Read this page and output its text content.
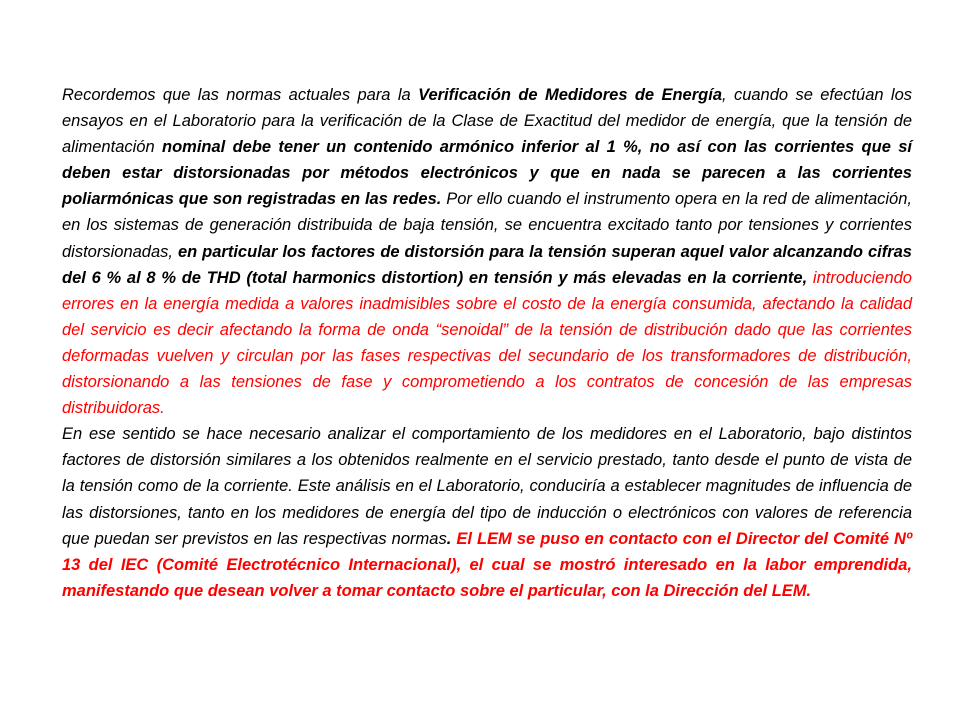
Recordemos que las normas actuales para la Verificación de Medidores de Energía, cuando se efectúan los ensayos en el Laboratorio para la verificación de la Clase de Exactitud del medidor de energía, que la tensión de alimentación nominal debe tener un contenido armónico inferior al 1 %, no así con las corrientes que sí deben estar distorsionadas por métodos electrónicos y que en nada se parecen a las corrientes poliarmónicas que son registradas en las redes. Por ello cuando el instrumento opera en la red de alimentación, en los sistemas de generación distribuida de baja tensión, se encuentra excitado tanto por tensiones y corrientes distorsionadas, en particular los factores de distorsión para la tensión superan aquel valor alcanzando cifras del 6 % al 8 % de THD (total harmonics distortion) en tensión y más elevadas en la corriente, introduciendo errores en la energía medida a valores inadmisibles sobre el costo de la energía consumida, afectando la calidad del servicio es decir afectando la forma de onda “senoidal” de la tensión de distribución dado que las corrientes deformadas vuelven y circulan por las fases respectivas del secundario de los transformadores de distribución, distorsionando a las tensiones de fase y comprometiendo a los contratos de concesión de las empresas distribuidoras.

En ese sentido se hace necesario analizar el comportamiento de los medidores en el Laboratorio, bajo distintos factores de distorsión similares a los obtenidos realmente en el servicio prestado, tanto desde el punto de vista de la tensión como de la corriente. Este análisis en el Laboratorio, conduciría a establecer magnitudes de influencia de las distorsiones, tanto en los medidores de energía del tipo de inducción o electrónicos con valores de referencia que puedan ser previstos en las respectivas normas. El LEM se puso en contacto con el Director del Comité Nº 13 del IEC (Comité Electrotécnico Internacional), el cual se mostró interesado en la labor emprendida, manifestando que desean volver a tomar contacto sobre el particular, con la Dirección del LEM.
